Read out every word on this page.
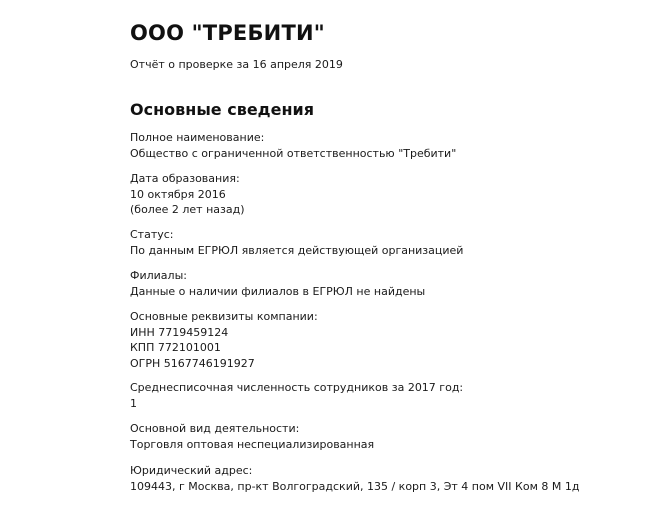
ООО "ТРЕБИТИ"
Отчёт о проверке за 16 апреля 2019
Основные сведения
Полное наименование:
Общество с ограниченной ответственностью "Требити"
Дата образования:
10 октября 2016
(более 2 лет назад)
Статус:
По данным ЕГРЮЛ является действующей организацией
Филиалы:
Данные о наличии филиалов в ЕГРЮЛ не найдены
Основные реквизиты компании:
ИНН 7719459124
КПП 772101001
ОГРН 5167746191927
Среднесписочная численность сотрудников за 2017 год:
1
Основной вид деятельности:
Торговля оптовая неспециализированная
Юридический адрес:
109443, г Москва, пр-кт Волгоградский, 135 / корп 3, Эт 4 пом VII Ком 8 М 1д
